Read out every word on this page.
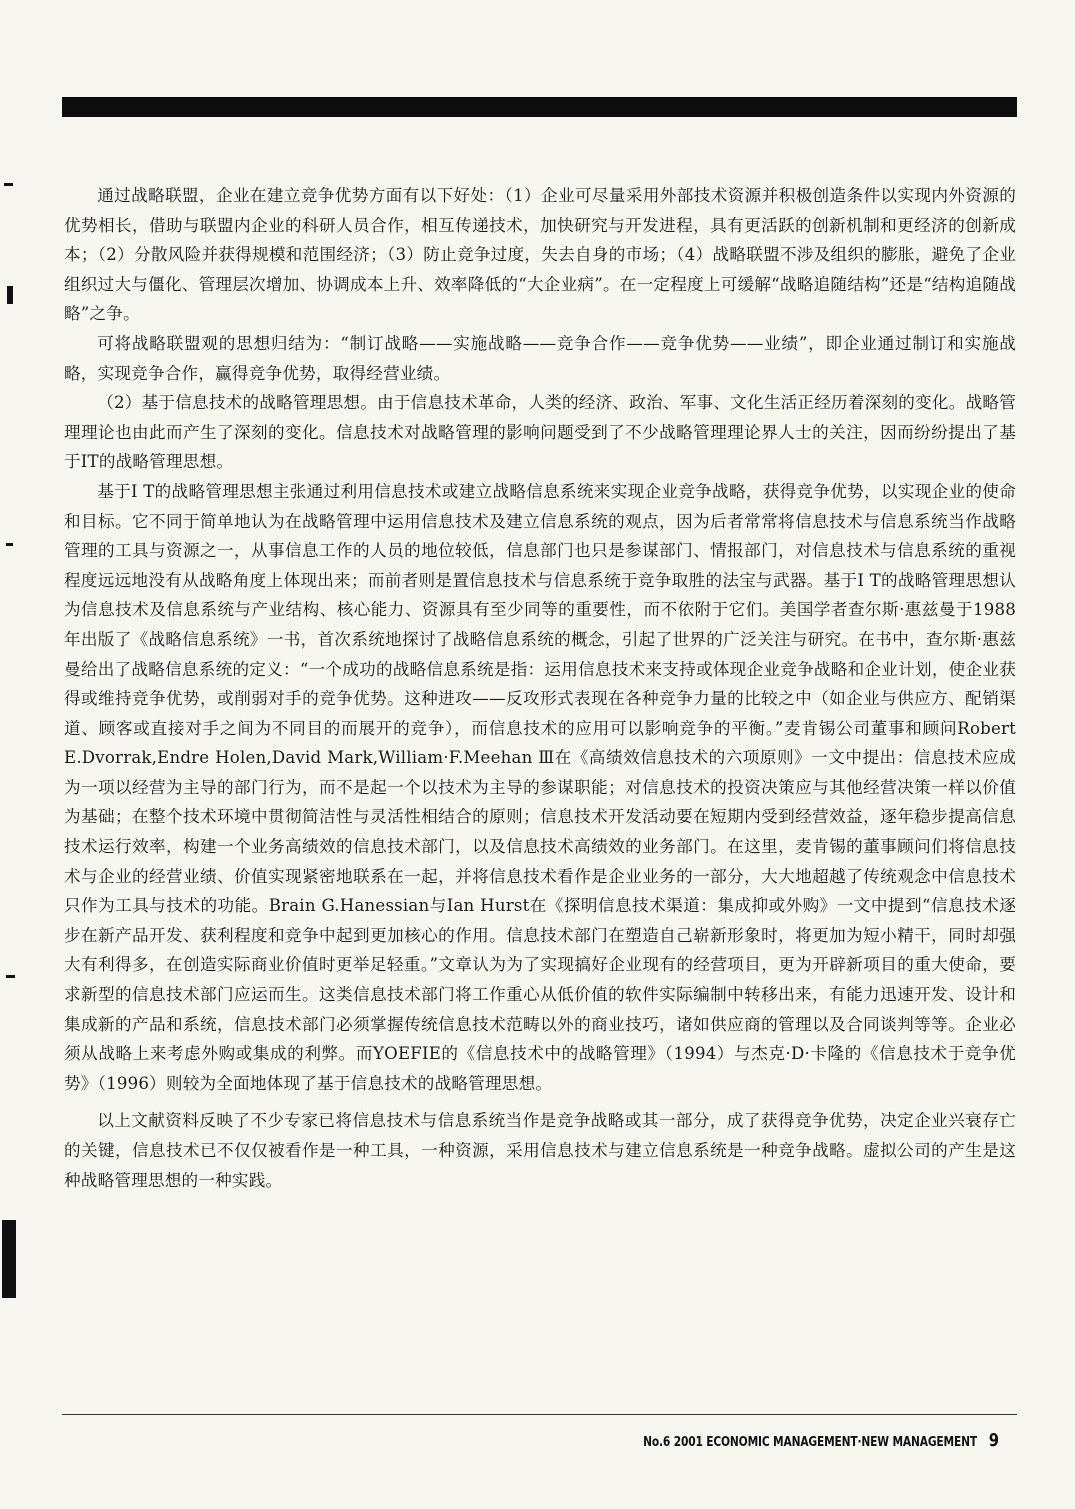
通过战略联盟，企业在建立竞争优势方面有以下好处：（1）企业可尽量采用外部技术资源并积极创造条件以实现内外资源的优势相长，借助与联盟内企业的科研人员合作，相互传递技术，加快研究与开发进程，具有更活跃的创新机制和更经济的创新成本；（2）分散风险并获得规模和范围经济；（3）防止竞争过度，失去自身的市场；（4）战略联盟不涉及组织的膨胀，避免了企业组织过大与僵化、管理层次增加、协调成本上升、效率降低的“大企业病”。在一定程度上可缓解“战略追随结构”还是“结构追随战略”之争。

可将战略联盟观的思想归结为：“制订战略——实施战略——竞争合作——竞争优势——业绩”，即企业通过制订和实施战略，实现竞争合作，赢得竞争优势，取得经营业绩。

（2）基于信息技术的战略管理思想。由于信息技术革命，人类的经济、政治、军事、文化生活正经历着深刻的变化。战略管理理论也由此而产生了深刻的变化。信息技术对战略管理的影响问题受到了不少战略管理理论界人士的关注，因而纷纷提出了基于IT的战略管理思想。

基于I T的战略管理思想主张通过利用信息技术或建立战略信息系统来实现企业竞争战略，获得竞争优势，以实现企业的使命和目标。它不同于简单地认为在战略管理中运用信息技术及建立信息系统的观点，因为后者常常将信息技术与信息系统当作战略管理的工具与资源之一，从事信息工作的人员的地位较低，信息部门也只是参谋部门、情报部门，对信息技术与信息系统的重视程度远远地没有从战略角度上体现出来；而前者则是置信息技术与信息系统于竞争取胜的法宝与武器。基于I T的战略管理思想认为信息技术及信息系统与产业结构、核心能力、资源具有至少同等的重要性，而不依附于它们。美国学者查尔斯·惠兹曼于1988年出版了《战略信息系统》一书，首次系统地探讨了战略信息系统的概念，引起了世界的广泛关注与研究。在书中，查尔斯·惠兹曼给出了战略信息系统的定义：“一个成功的战略信息系统是指：运用信息技术来支持或体现企业竞争战略和企业计划，使企业获得或维持竞争优势，或削弱对手的竞争优势。这种进攻——反攻形式表现在各种竞争力量的比较之中（如企业与供应方、配销渠道、顾客或直接对手之间为不同目的而展开的竞争），而信息技术的应用可以影响竞争的平衡。”麦肯锡公司董事和顾问Robert E.Dvorrak,Endre Holen,David Mark,William·F.Meehan Ⅲ在《高绩效信息技术的六项原则》一文中提出：信息技术应成为一项以经营为主导的部门行为，而不是起一个以技术为主导的参谋职能；对信息技术的投资决策应与其他经营决策一样以价值为基础；在整个技术环境中贯彻简洁性与灵活性相结合的原则；信息技术开发活动要在短期内受到经营效益，逐年稳步提高信息技术运行效率，构建一个业务高绩效的信息技术部门，以及信息技术高绩效的业务部门。在这里，麦肯锡的董事顾问们将信息技术与企业的经营业绩、价值实现紧密地联系在一起，并将信息技术看作是企业业务的一部分，大大地超越了传统观念中信息技术只作为工具与技术的功能。Brain G.Hanessian与Ian Hurst在《探明信息技术渠道：集成抑或外购》一文中提到“信息技术逐步在新产品开发、获利程度和竞争中起到更加核心的作用。信息技术部门在塑造自己崭新形象时，将更加为短小精干，同时却强大有利得多，在创造实际商业价值时更举足轻重。”文章认为为了实现搞好企业现有的经营项目，更为开辟新项目的重大使命，要求新型的信息技术部门应运而生。这类信息技术部门将工作重心从低价值的软件实际编制中转移出来，有能力迅速开发、设计和集成新的产品和系统，信息技术部门必须掌握传统信息技术范畴以外的商业技巧，诸如供应商的管理以及合同谈判等等。企业必须从战略上来考虑外购或集成的利弊。而YOEFIE的《信息技术中的战略管理》（1994）与杰克·D·卡隆的《信息技术于竞争优势》（1996）则较为全面地体现了基于信息技术的战略管理思想。

以上文献资料反映了不少专家已将信息技术与信息系统当作是竞争战略或其一部分，成了获得竞争优势，决定企业兴衰存亡的关键，信息技术已不仅仅被看作是一种工具，一种资源，采用信息技术与建立信息系统是一种竞争战略。虚拟公司的产生是这种战略管理思想的一种实践。

No.6 2001 ECONOMIC MANAGEMENT·NEW MANAGEMENT 9
